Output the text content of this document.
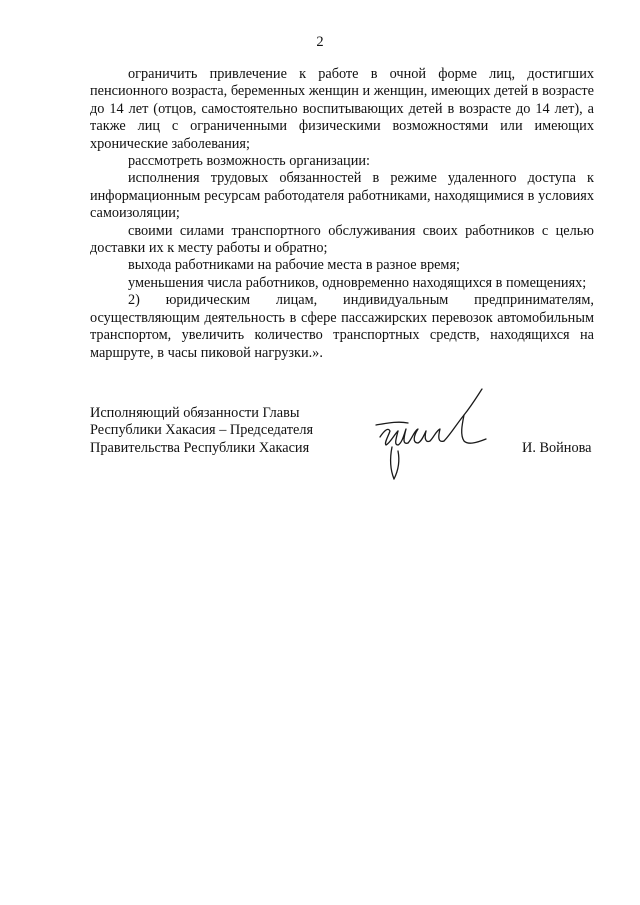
2

ограничить привлечение к работе в очной форме лиц, достигших пенсионного возраста, беременных женщин и женщин, имеющих детей в возрасте до 14 лет (отцов, самостоятельно воспитывающих детей в возрасте до 14 лет), а также лиц с ограниченными физическими возможностями или имеющих хронические заболевания;

рассмотреть возможность организации:

исполнения трудовых обязанностей в режиме удаленного доступа к информационным ресурсам работодателя работниками, находящимися в условиях самоизоляции;

своими силами транспортного обслуживания своих работников с целью доставки их к месту работы и обратно;

выхода работниками на рабочие места в разное время;

уменьшения числа работников, одновременно находящихся в помещениях;

2) юридическим лицам, индивидуальным предпринимателям, осуществляющим деятельность в сфере пассажирских перевозок автомобильным транспортом, увеличить количество транспортных средств, находящихся на маршруте, в часы пиковой нагрузки.».

Исполняющий обязанности Главы
Республики Хакасия – Председателя
Правительства Республики Хакасия	И. Войнова
